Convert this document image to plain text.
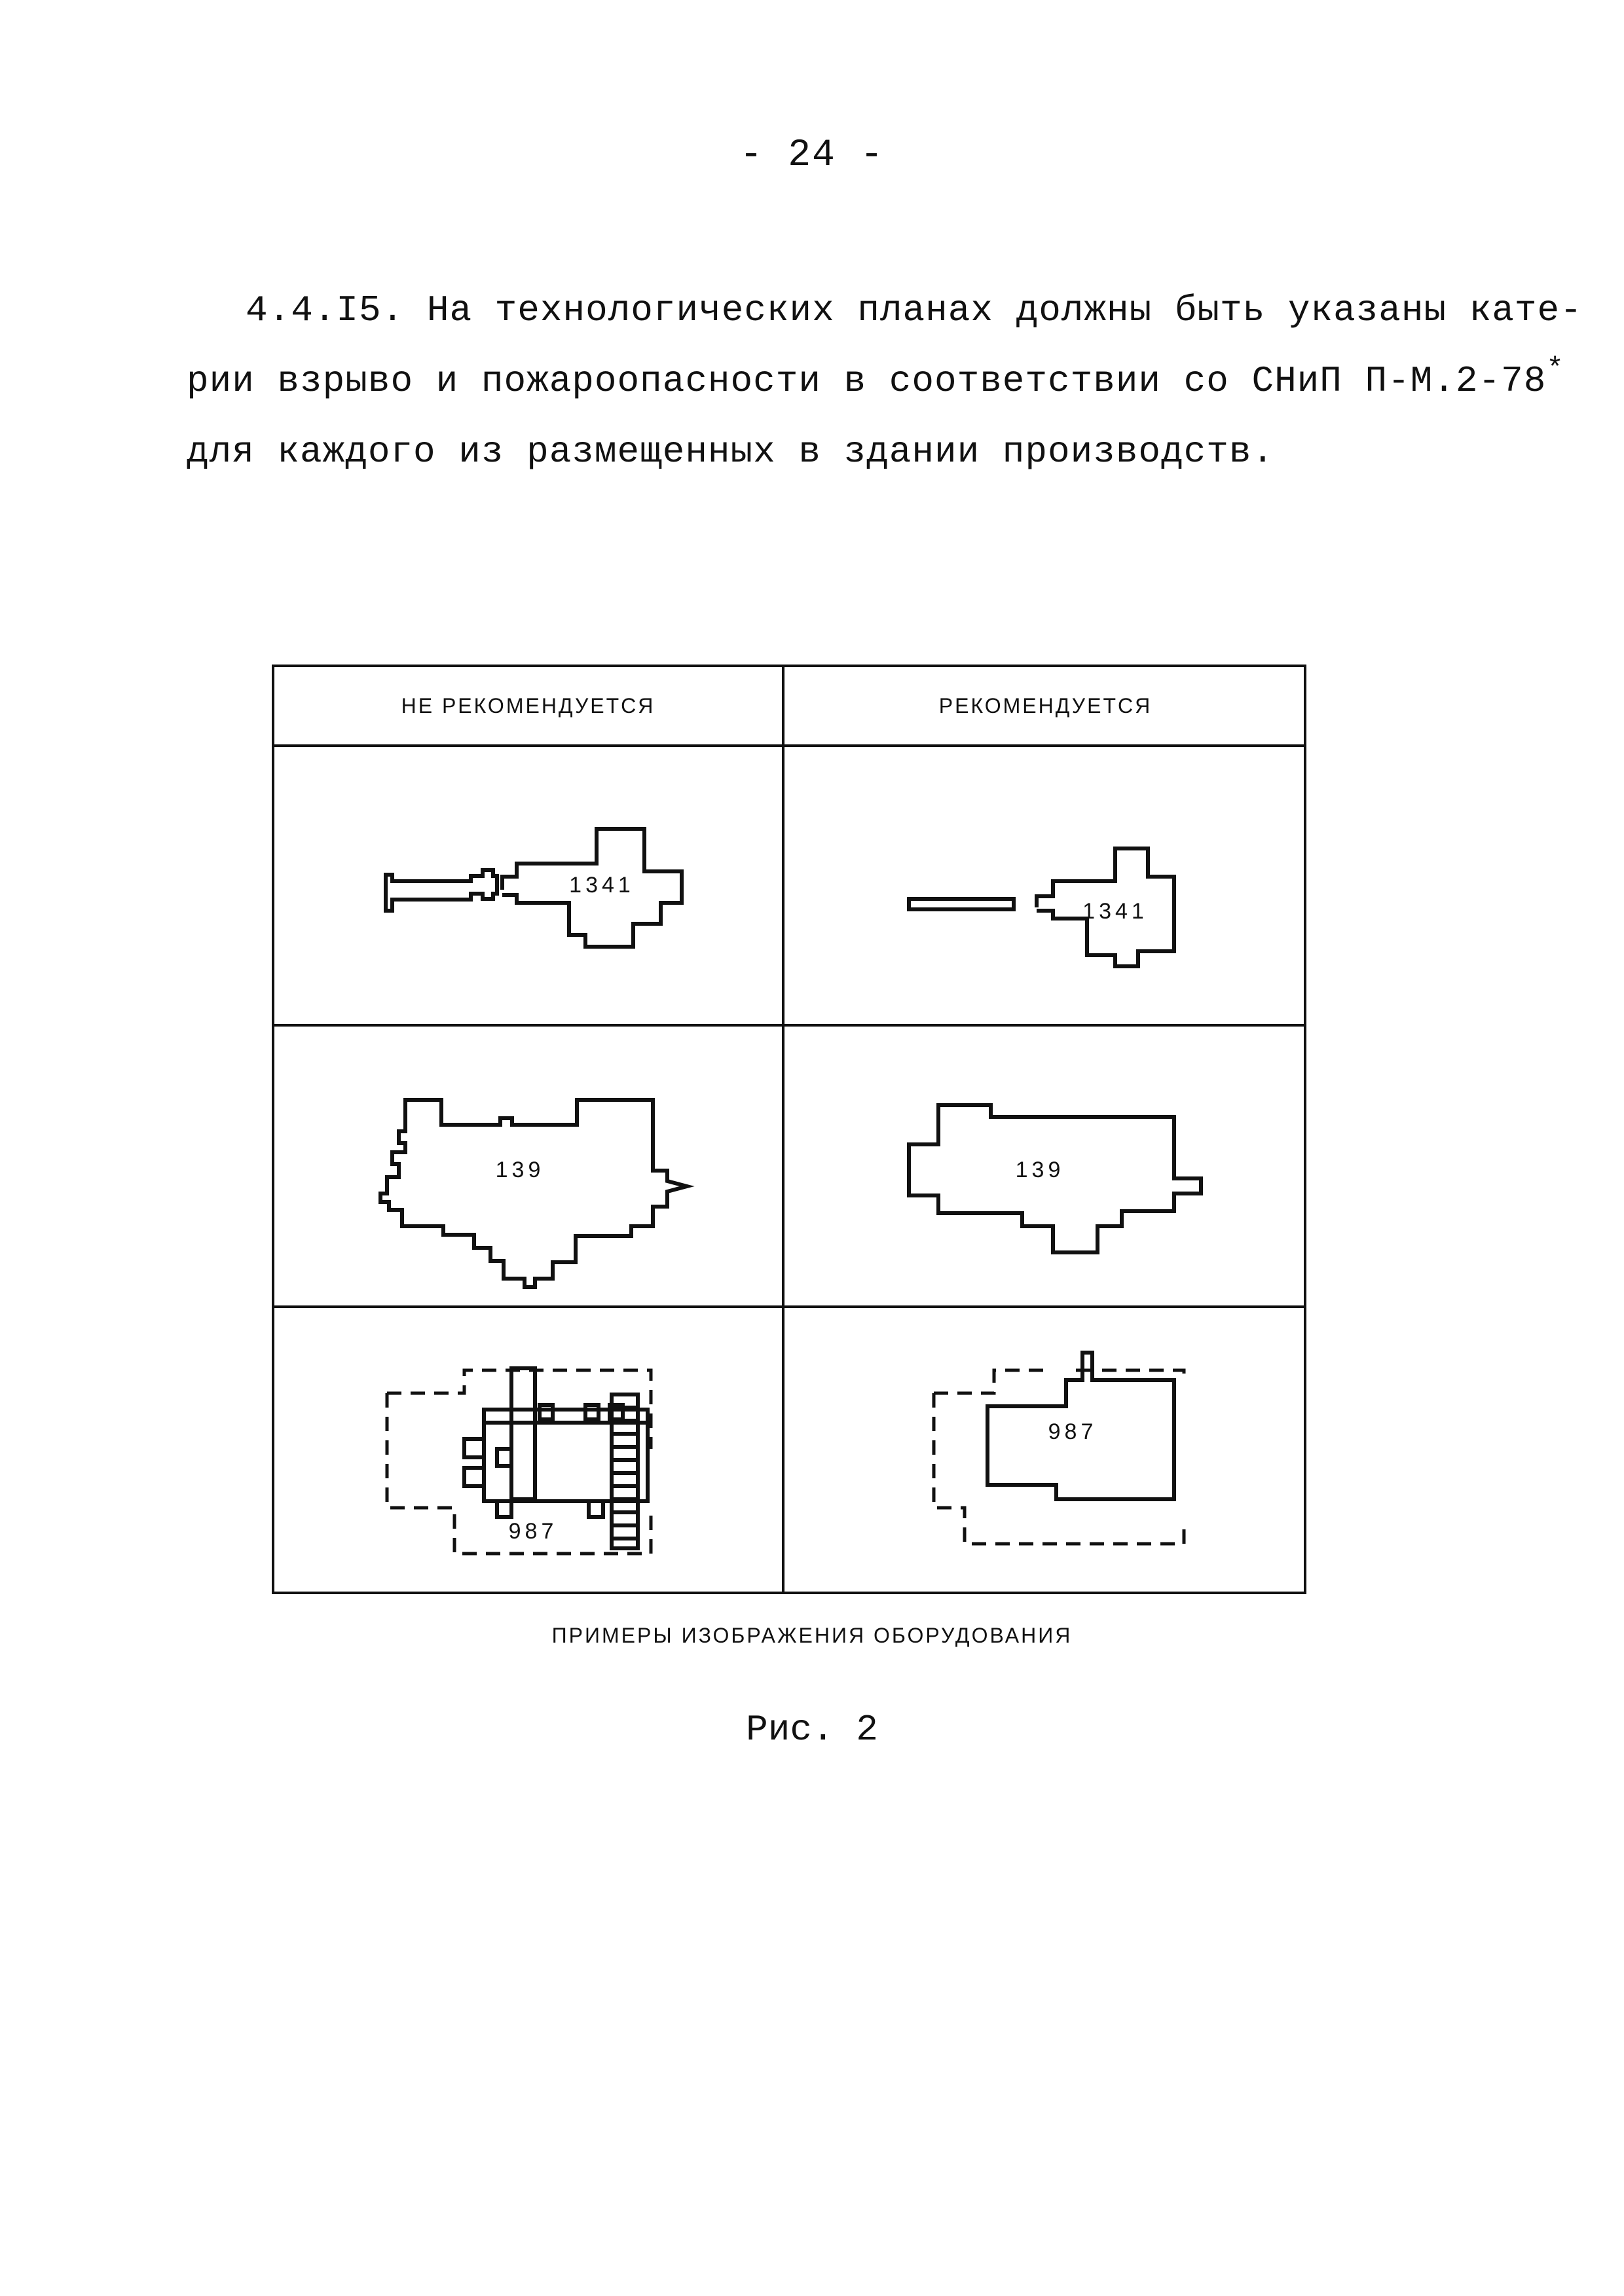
- 24 -
4.4.I5. На технологических планах должны быть указаны кате-
рии взрыво и пожароопасности в соответствии со СНиП П-М.2-78*
для каждого из размещенных в здании производств.
НЕ РЕКОМЕНДУЕТСЯ	РЕКОМЕНДУЕТСЯ
1341
1341
139	139
987
987
ПРИМЕРЫ ИЗОБРАЖЕНИЯ ОБОРУДОВАНИЯ
Рис. 2
